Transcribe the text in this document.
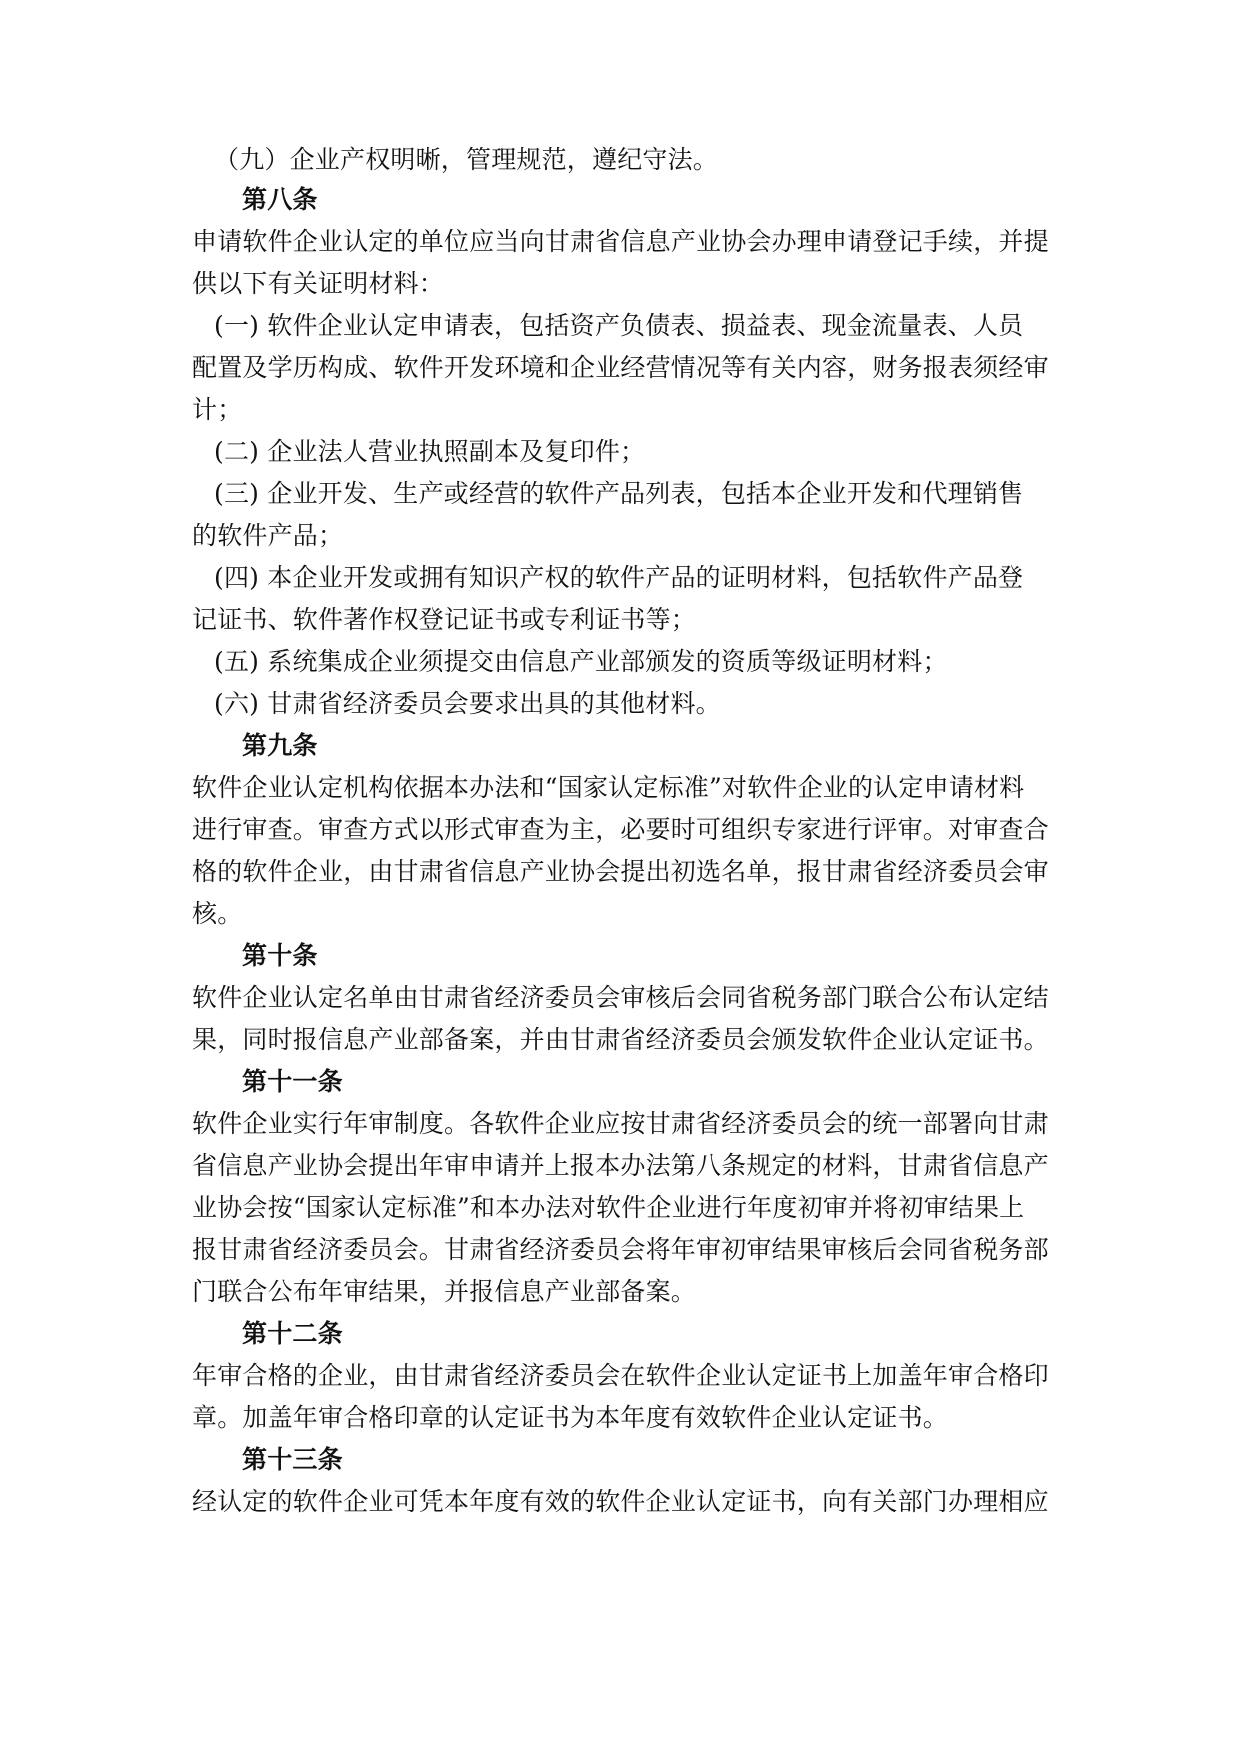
（九）企业产权明晰，管理规范，遵纪守法。
第八条
申请软件企业认定的单位应当向甘肃省信息产业协会办理申请登记手续，并提
供以下有关证明材料：
(一) 软件企业认定申请表，包括资产负债表、损益表、现金流量表、人员
配置及学历构成、软件开发环境和企业经营情况等有关内容，财务报表须经审
计；
(二) 企业法人营业执照副本及复印件；
(三) 企业开发、生产或经营的软件产品列表，包括本企业开发和代理销售
的软件产品；
(四) 本企业开发或拥有知识产权的软件产品的证明材料，包括软件产品登
记证书、软件著作权登记证书或专利证书等；
(五) 系统集成企业须提交由信息产业部颁发的资质等级证明材料；
(六) 甘肃省经济委员会要求出具的其他材料。
第九条
软件企业认定机构依据本办法和“国家认定标准”对软件企业的认定申请材料
进行审查。审查方式以形式审查为主，必要时可组织专家进行评审。对审查合
格的软件企业，由甘肃省信息产业协会提出初选名单，报甘肃省经济委员会审
核。
第十条
软件企业认定名单由甘肃省经济委员会审核后会同省税务部门联合公布认定结
果，同时报信息产业部备案，并由甘肃省经济委员会颁发软件企业认定证书。
第十一条
软件企业实行年审制度。各软件企业应按甘肃省经济委员会的统一部署向甘肃
省信息产业协会提出年审申请并上报本办法第八条规定的材料，甘肃省信息产
业协会按“国家认定标准”和本办法对软件企业进行年度初审并将初审结果上
报甘肃省经济委员会。甘肃省经济委员会将年审初审结果审核后会同省税务部
门联合公布年审结果，并报信息产业部备案。
第十二条
年审合格的企业，由甘肃省经济委员会在软件企业认定证书上加盖年审合格印
章。加盖年审合格印章的认定证书为本年度有效软件企业认定证书。
第十三条
经认定的软件企业可凭本年度有效的软件企业认定证书，向有关部门办理相应
